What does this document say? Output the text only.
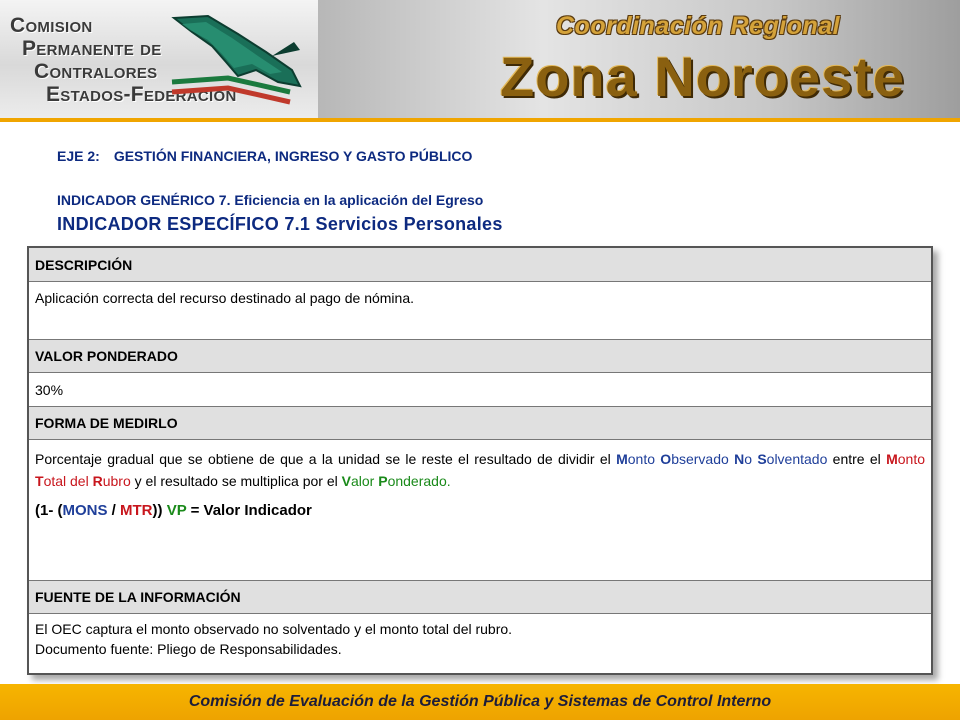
Comision
Permanente de
Contralores
Estados-Federacion
Coordinación Regional
Zona Noroeste
EJE 2: GESTIÓN FINANCIERA, INGRESO Y GASTO PÚBLICO
INDICADOR GENÉRICO 7. Eficiencia en la aplicación del Egreso
INDICADOR ESPECÍFICO 7.1 Servicios Personales
DESCRIPCIÓN
Aplicación correcta del recurso destinado al pago de nómina.
VALOR PONDERADO
30%
FORMA DE MEDIRLO
Porcentaje gradual que se obtiene de que a la unidad se le reste el resultado de dividir el Monto Observado No Solventado entre el Monto Total del Rubro y el resultado se multiplica por el Valor Ponderado.
(1- (MONS / MTR)) VP = Valor Indicador
FUENTE DE LA INFORMACIÓN
El OEC captura el monto observado no solventado y el monto total del rubro.
Documento fuente: Pliego de Responsabilidades.
Comisión de Evaluación de la Gestión Pública y Sistemas de Control Interno
